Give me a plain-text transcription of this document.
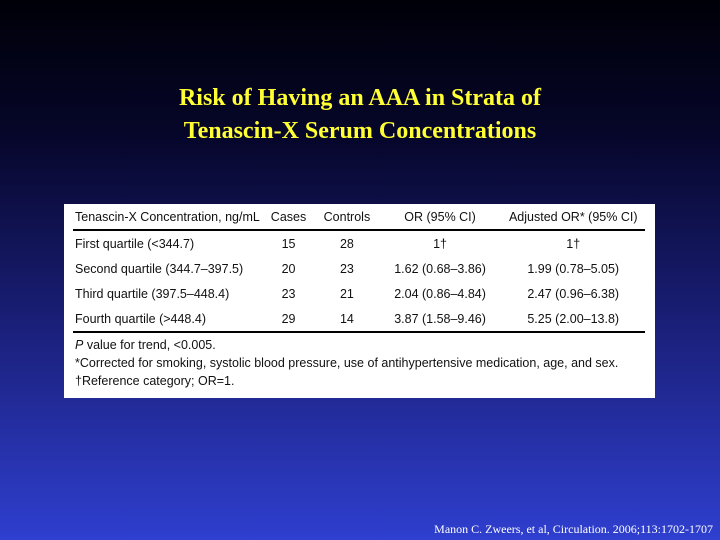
Risk of Having an AAA in Strata of
Tenascin-X Serum Concentrations
Tenascin-X Concentration, ng/mL	Cases	Controls	OR (95% CI)	Adjusted OR* (95% CI)
First quartile (<344.7)	15	28	1†	1†
Second quartile (344.7–397.5)	20	23	1.62 (0.68–3.86)	1.99 (0.78–5.05)
Third quartile (397.5–448.4)	23	21	2.04 (0.86–4.84)	2.47 (0.96–6.38)
Fourth quartile (>448.4)	29	14	3.87 (1.58–9.46)	5.25 (2.00–13.8)
P value for trend, <0.005.
*Corrected for smoking, systolic blood pressure, use of antihypertensive medication, age, and sex.
†Reference category; OR=1.
Manon C. Zweers, et al, Circulation. 2006;113:1702-1707
